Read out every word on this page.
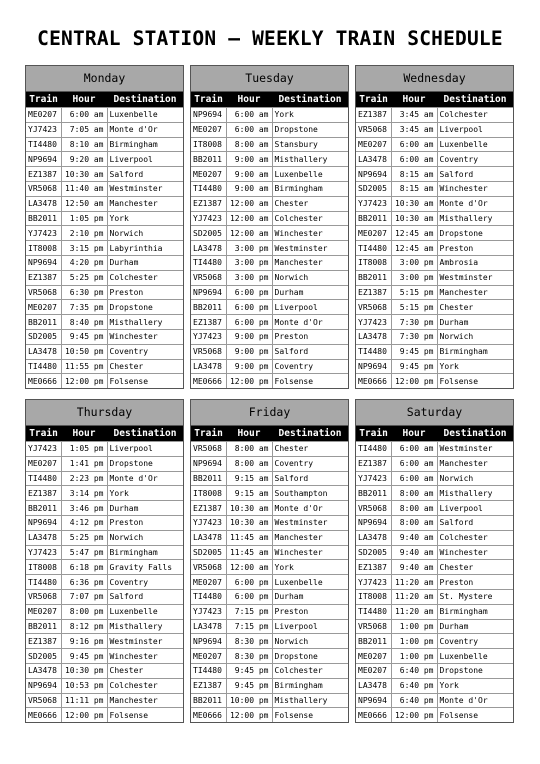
CENTRAL STATION – WEEKLY TRAIN SCHEDULE
Monday
Train	Hour	Destination
ME0207	6:00 am	Luxenbelle
YJ7423	7:05 am	Monte d'Or
TI4480	8:10 am	Birmingham
NP9694	9:20 am	Liverpool
EZ1387	10:30 am	Salford
VR5068	11:40 am	Westminster
LA3478	12:50 am	Manchester
BB2011	1:05 pm	York
YJ7423	2:10 pm	Norwich
IT8008	3:15 pm	Labyrinthia
NP9694	4:20 pm	Durham
EZ1387	5:25 pm	Colchester
VR5068	6:30 pm	Preston
ME0207	7:35 pm	Dropstone
BB2011	8:40 pm	Misthallery
SD2005	9:45 pm	Winchester
LA3478	10:50 pm	Coventry
TI4480	11:55 pm	Chester
ME0666	12:00 pm	Folsense
Tuesday
Train	Hour	Destination
NP9694	6:00 am	York
ME0207	6:00 am	Dropstone
IT8008	8:00 am	Stansbury
BB2011	9:00 am	Misthallery
ME0207	9:00 am	Luxenbelle
TI4480	9:00 am	Birmingham
EZ1387	12:00 am	Chester
YJ7423	12:00 am	Colchester
SD2005	12:00 am	Winchester
LA3478	3:00 pm	Westminster
TI4480	3:00 pm	Manchester
VR5068	3:00 pm	Norwich
NP9694	6:00 pm	Durham
BB2011	6:00 pm	Liverpool
EZ1387	6:00 pm	Monte d'Or
YJ7423	9:00 pm	Preston
VR5068	9:00 pm	Salford
LA3478	9:00 pm	Coventry
ME0666	12:00 pm	Folsense
Wednesday
Train	Hour	Destination
EZ1387	3:45 am	Colchester
VR5068	3:45 am	Liverpool
ME0207	6:00 am	Luxenbelle
LA3478	6:00 am	Coventry
NP9694	8:15 am	Salford
SD2005	8:15 am	Winchester
YJ7423	10:30 am	Monte d'Or
BB2011	10:30 am	Misthallery
ME0207	12:45 am	Dropstone
TI4480	12:45 am	Preston
IT8008	3:00 pm	Ambrosia
BB2011	3:00 pm	Westminster
EZ1387	5:15 pm	Manchester
VR5068	5:15 pm	Chester
YJ7423	7:30 pm	Durham
LA3478	7:30 pm	Norwich
TI4480	9:45 pm	Birmingham
NP9694	9:45 pm	York
ME0666	12:00 pm	Folsense
Thursday
Train	Hour	Destination
YJ7423	1:05 pm	Liverpool
ME0207	1:41 pm	Dropstone
TI4480	2:23 pm	Monte d'Or
EZ1387	3:14 pm	York
BB2011	3:46 pm	Durham
NP9694	4:12 pm	Preston
LA3478	5:25 pm	Norwich
YJ7423	5:47 pm	Birmingham
IT8008	6:18 pm	Gravity Falls
TI4480	6:36 pm	Coventry
VR5068	7:07 pm	Salford
ME0207	8:00 pm	Luxenbelle
BB2011	8:12 pm	Misthallery
EZ1387	9:16 pm	Westminster
SD2005	9:45 pm	Winchester
LA3478	10:30 pm	Chester
NP9694	10:53 pm	Colchester
VR5068	11:11 pm	Manchester
ME0666	12:00 pm	Folsense
Friday
Train	Hour	Destination
VR5068	8:00 am	Chester
NP9694	8:00 am	Coventry
BB2011	9:15 am	Salford
IT8008	9:15 am	Southampton
EZ1387	10:30 am	Monte d'Or
YJ7423	10:30 am	Westminster
LA3478	11:45 am	Manchester
SD2005	11:45 am	Winchester
VR5068	12:00 am	York
ME0207	6:00 pm	Luxenbelle
TI4480	6:00 pm	Durham
YJ7423	7:15 pm	Preston
LA3478	7:15 pm	Liverpool
NP9694	8:30 pm	Norwich
ME0207	8:30 pm	Dropstone
TI4480	9:45 pm	Colchester
EZ1387	9:45 pm	Birmingham
BB2011	10:00 pm	Misthallery
ME0666	12:00 pm	Folsense
Saturday
Train	Hour	Destination
TI4480	6:00 am	Westminster
EZ1387	6:00 am	Manchester
YJ7423	6:00 am	Norwich
BB2011	8:00 am	Misthallery
VR5068	8:00 am	Liverpool
NP9694	8:00 am	Salford
LA3478	9:40 am	Colchester
SD2005	9:40 am	Winchester
EZ1387	9:40 am	Chester
YJ7423	11:20 am	Preston
IT8008	11:20 am	St. Mystere
TI4480	11:20 am	Birmingham
VR5068	1:00 pm	Durham
BB2011	1:00 pm	Coventry
ME0207	1:00 pm	Luxenbelle
ME0207	6:40 pm	Dropstone
LA3478	6:40 pm	York
NP9694	6:40 pm	Monte d'Or
ME0666	12:00 pm	Folsense
